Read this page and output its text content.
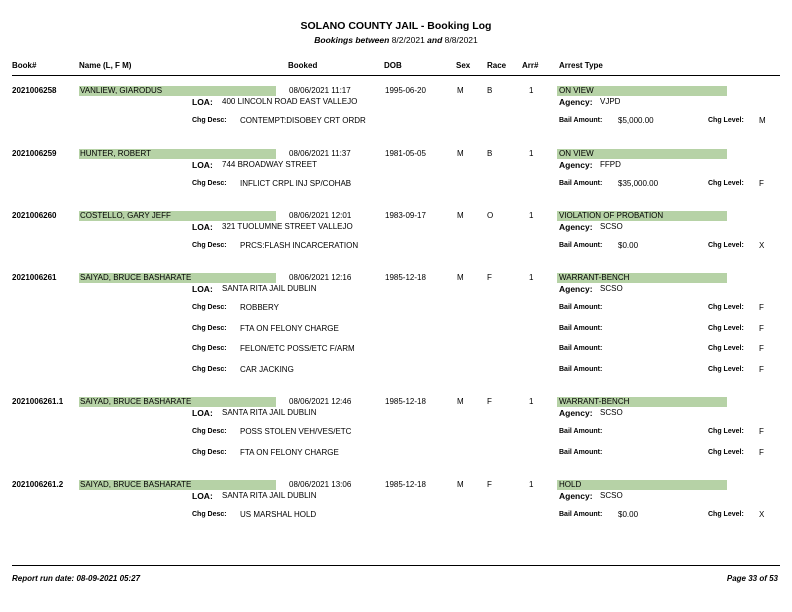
SOLANO COUNTY JAIL - Booking Log
Bookings between 8/2/2021 and 8/8/2021
Book#	Name (L, F M)	Booked	DOB	Sex Race Arr#	Arrest Type
2021006258	VANLIEW, GIARODUS	08/06/2021 11:17	1995-06-20	M	B	1	ON VIEW
LOA: 400 LINCOLN ROAD EAST VALLEJO	Agency: VJPD
Chg Desc: CONTEMPT:DISOBEY CRT ORDR	Bail Amount: $5,000.00	Chg Level: M
2021006259	HUNTER, ROBERT	08/06/2021 11:37	1981-05-05	M	B	1	ON VIEW
LOA: 744 BROADWAY STREET	Agency: FFPD
Chg Desc: INFLICT CRPL INJ SP/COHAB	Bail Amount: $35,000.00	Chg Level: F
2021006260	COSTELLO, GARY JEFF	08/06/2021 12:01	1983-09-17	M	O	1	VIOLATION OF PROBATION
LOA: 321 TUOLUMNE STREET VALLEJO	Agency: SCSO
Chg Desc: PRCS:FLASH INCARCERATION	Bail Amount: $0.00	Chg Level: X
2021006261	SAIYAD, BRUCE BASHARATE	08/06/2021 12:16	1985-12-18	M	F	1	WARRANT-BENCH
LOA: SANTA RITA JAIL DUBLIN	Agency: SCSO
Chg Desc: ROBBERY	Bail Amount:	Chg Level: F
Chg Desc: FTA ON FELONY CHARGE	Bail Amount:	Chg Level: F
Chg Desc: FELON/ETC POSS/ETC F/ARM	Bail Amount:	Chg Level: F
Chg Desc: CAR JACKING	Bail Amount:	Chg Level: F
2021006261.1 SAIYAD, BRUCE BASHARATE	08/06/2021 12:46	1985-12-18	M	F	1	WARRANT-BENCH
LOA: SANTA RITA JAIL DUBLIN	Agency: SCSO
Chg Desc: POSS STOLEN VEH/VES/ETC	Bail Amount:	Chg Level: F
Chg Desc: FTA ON FELONY CHARGE	Bail Amount:	Chg Level: F
2021006261.2 SAIYAD, BRUCE BASHARATE	08/06/2021 13:06	1985-12-18	M	F	1	HOLD
LOA: SANTA RITA JAIL DUBLIN	Agency: SCSO
Chg Desc: US MARSHAL HOLD	Bail Amount: $0.00	Chg Level: X
Report run date: 08-09-2021 05:27	Page 33 of 53
